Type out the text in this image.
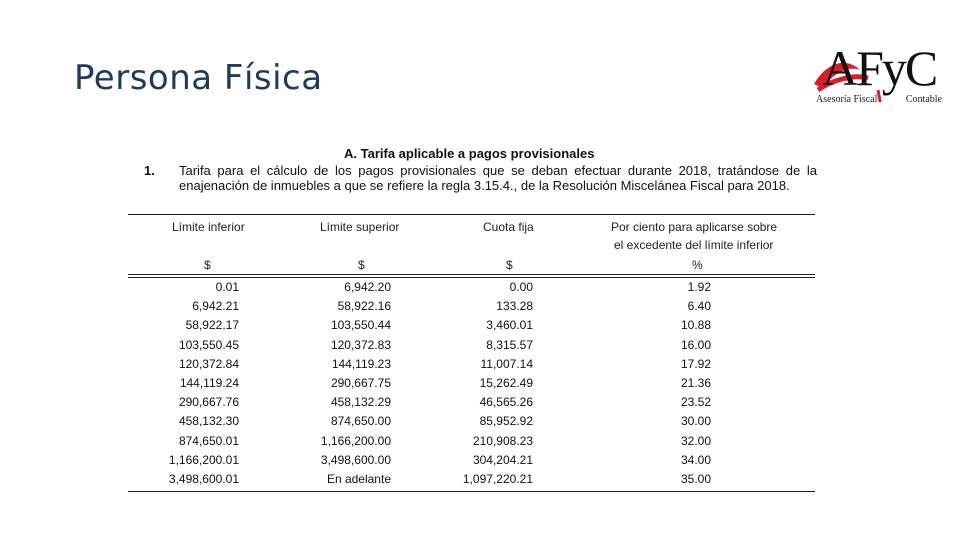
Persona Física	AFyC
Asesoría Fiscal	Contable
A. Tarifa aplicable a pagos provisionales
1. Tarifa para el cálculo de los pagos provisionales que se deban efectuar durante 2018, tratándose de la enajenación de inmuebles a que se refiere la regla 3.15.4., de la Resolución Miscelánea Fiscal para 2018.
Límite inferior	Límite superior	Cuota fija	Por ciento para aplicarse sobre
el excedente del límite inferior
$	$	$	%
0.01	6,942.20	0.00	1.92
6,942.21	58,922.16	133.28	6.40
58,922.17	103,550.44	3,460.01	10.88
103,550.45	120,372.83	8,315.57	16.00
120,372.84	144,119.23	11,007.14	17.92
144,119.24	290,667.75	15,262.49	21.36
290,667.76	458,132.29	46,565.26	23.52
458,132.30	874,650.00	85,952.92	30.00
874,650.01	1,166,200.00	210,908.23	32.00
1,166,200.01	3,498,600.00	304,204.21	34.00
3,498,600.01	En adelante	1,097,220.21	35.00
